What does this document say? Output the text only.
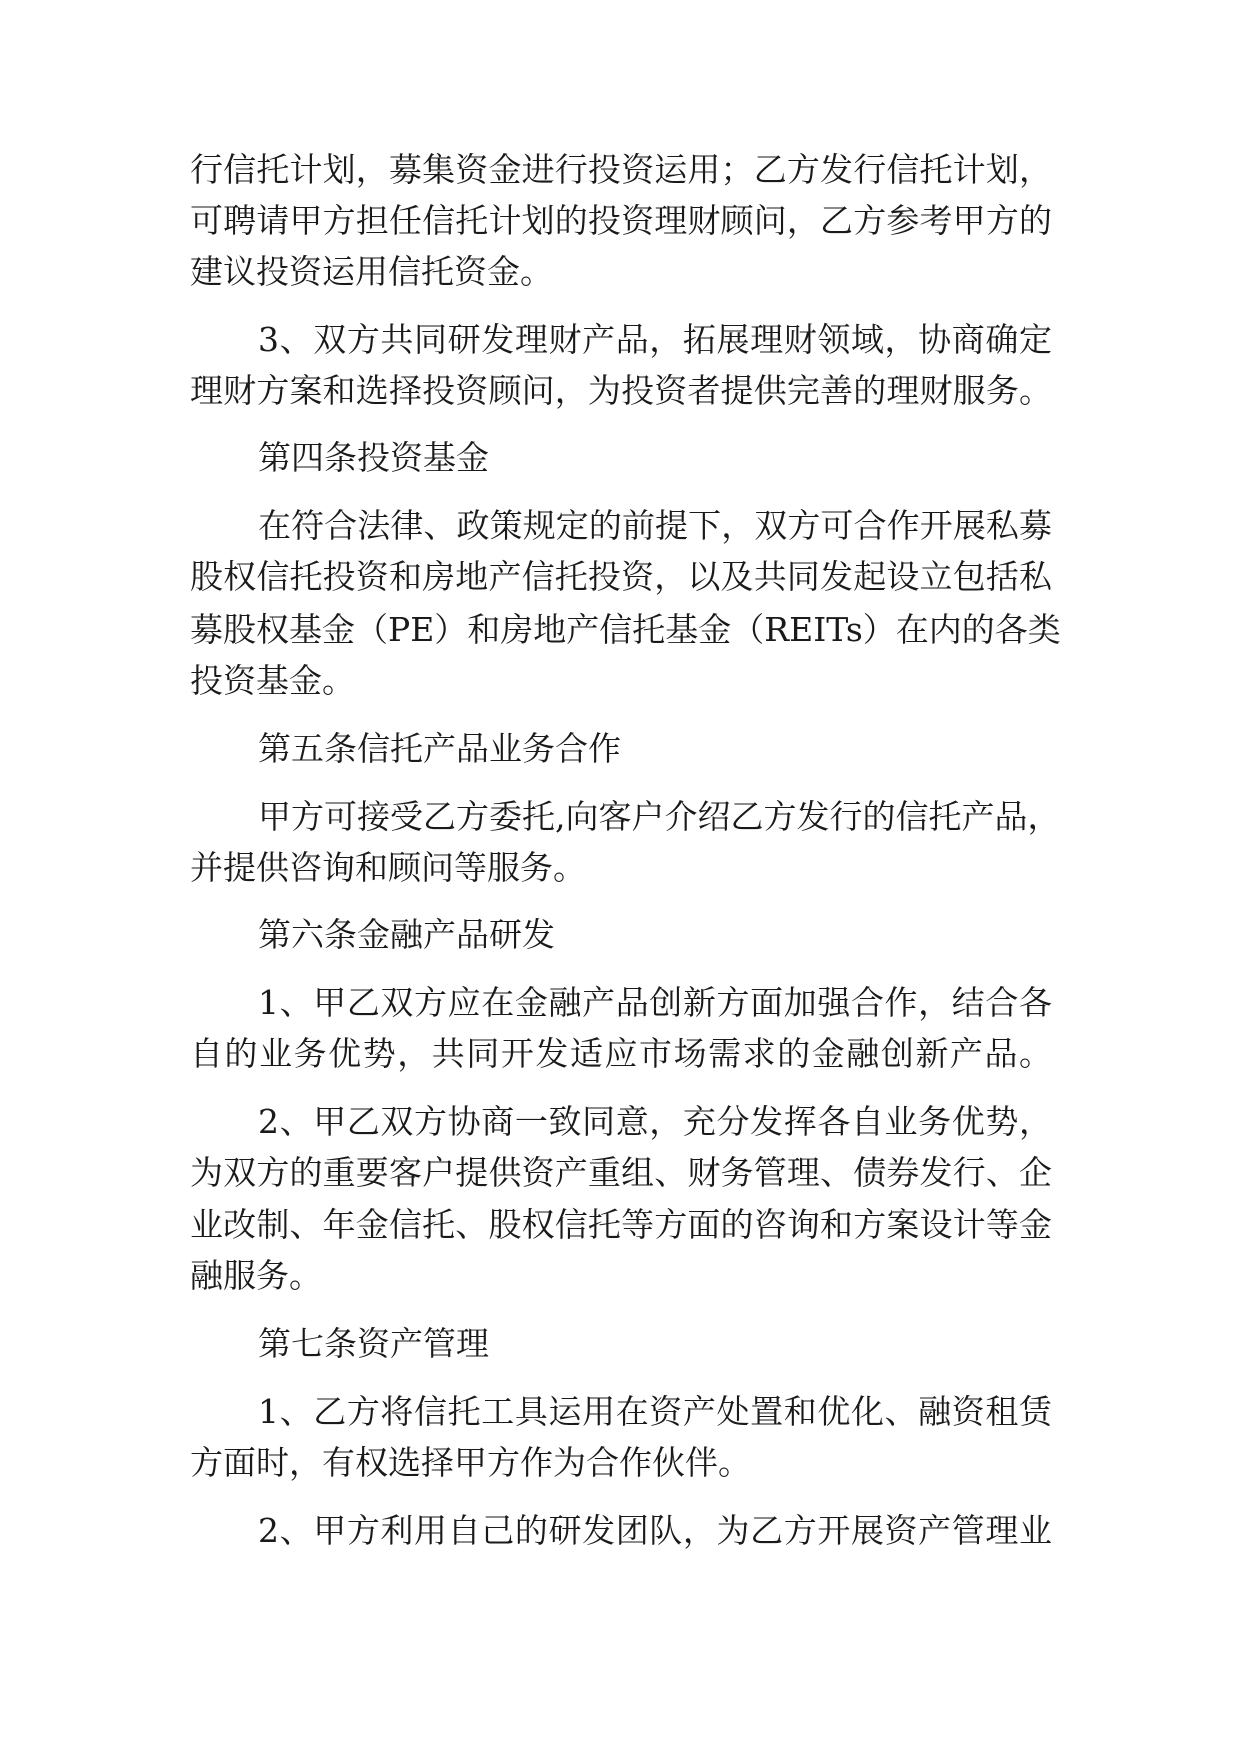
行信托计划，募集资金进行投资运用；乙方发行信托计划，
可聘请甲方担任信托计划的投资理财顾问，乙方参考甲方的
建议投资运用信托资金。
3、双方共同研发理财产品，拓展理财领域，协商确定
理财方案和选择投资顾问，为投资者提供完善的理财服务。
第四条投资基金
在符合法律、政策规定的前提下，双方可合作开展私募
股权信托投资和房地产信托投资，以及共同发起设立包括私
募股权基金（PE）和房地产信托基金（REITs）在内的各类
投资基金。
第五条信托产品业务合作
甲方可接受乙方委托,向客户介绍乙方发行的信托产品，
并提供咨询和顾问等服务。
第六条金融产品研发
1、甲乙双方应在金融产品创新方面加强合作，结合各
自的业务优势，共同开发适应市场需求的金融创新产品。
2、甲乙双方协商一致同意，充分发挥各自业务优势，
为双方的重要客户提供资产重组、财务管理、债券发行、企
业改制、年金信托、股权信托等方面的咨询和方案设计等金
融服务。
第七条资产管理
1、乙方将信托工具运用在资产处置和优化、融资租赁
方面时，有权选择甲方作为合作伙伴。
2、甲方利用自己的研发团队，为乙方开展资产管理业
